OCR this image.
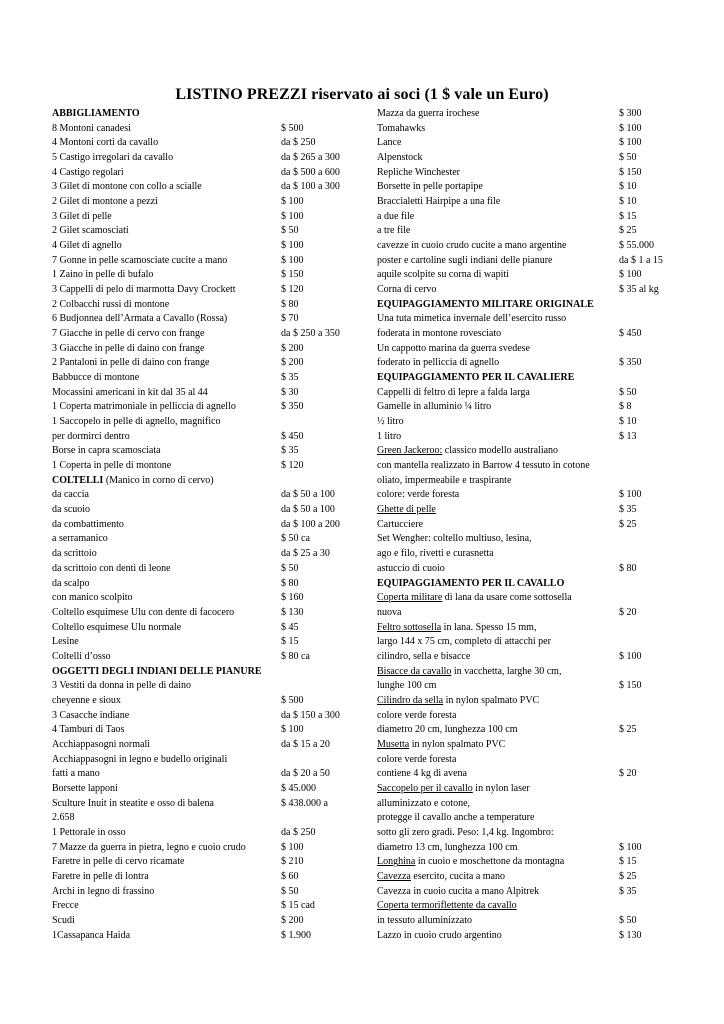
LISTINO PREZZI riservato ai soci (1 $ vale un Euro)
ABBIGLIAMENTO
8 Montoni canadesi	$ 500
4 Montoni corti da cavallo	da $ 250
5 Castigo irregolari da cavallo	da $ 265 a 300
4 Castigo regolari	da $ 500 a 600
3 Gilet di montone con collo a scialle	da $ 100 a 300
2 Gilet di montone a pezzi	$ 100
3 Gilet di pelle	$ 100
2 Gilet scamosciati	$ 50
4 Gilet di agnello	$ 100
7 Gonne in pelle scamosciate cucite a mano	$ 100
1 Zaino in pelle di bufalo	$ 150
3 Cappelli di pelo di marmotta Davy Crockett	$ 120
2 Colbacchi russi di montone	$ 80
6 Budjonnea dell’Armata a Cavallo (Rossa)	$ 70
7 Giacche in pelle di cervo con frange	da $ 250 a 350
3 Giacche in pelle di daino con frange	$ 200
2 Pantaloni in pelle di daino con frange	$ 200
Babbucce di montone	$ 35
Mocassini americani in kit dal 35 al 44	$ 30
1 Coperta matrimoniale in pelliccia di agnello	$ 350
1 Saccopelo in pelle di agnello, magnifico
per dormirci dentro	$ 450
Borse in capra scamosciata	$ 35
1 Coperta in pelle di montone	$ 120
COLTELLI (Manico in corno di cervo)
da caccia	da $ 50 a 100
da scuoio	da $ 50 a 100
da combattimento	da $ 100 a 200
a serramanico	$ 50 ca
da scrittoio	da $ 25 a 30
da scrittoio con denti di leone	$ 50
da scalpo	$ 80
con manico scolpito	$ 160
Coltello esquimese Ulu con dente di facocero	$ 130
Coltello esquimese Ulu normale	$ 45
Lesine	$ 15
Coltelli d’osso	$ 80 ca
OGGETTI DEGLI INDIANI DELLE PIANURE
3 Vestiti da donna in pelle di daino
cheyenne e sioux	$ 500
3 Casacche indiane	da $ 150 a 300
4 Tamburi di Taos	$ 100
Acchiappasogni normali	da $ 15 a 20
Acchiappasogni in legno e budello originali
fatti a mano	da $ 20 a 50
Borsette lapponi	$ 45.000
Sculture Inuit in steatite e osso di balena	$ 438.000 a
2.658
1 Pettorale in osso	da $ 250
7 Mazze da guerra in pietra, legno e cuoio crudo	$ 100
Faretre in pelle di cervo ricamate	$ 210
Faretre in pelle di lontra	$ 60
Archi in legno di frassino	$ 50
Frecce	$ 15 cad
Scudi	$ 200
1Cassapanca Haida	$ 1.900
Mazza da guerra irochese	$ 300
Tomahawks	$ 100
Lance	$ 100
Alpenstock	$ 50
Repliche Winchester	$ 150
Borsette in pelle portapipe	$ 10
Braccialetti Hairpipe a una file	$ 10
a due file	$ 15
a tre file	$ 25
cavezze in cuoio crudo cucite a mano argentine	$ 55.000
poster e cartoline sugli indiani delle pianure	da $ 1 a 15
aquile scolpite su corna di wapiti	$ 100
Corna di cervo	$ 35 al kg
EQUIPAGGIAMENTO MILITARE ORIGINALE
Una tuta mimetica invernale dell’esercito russo
foderata in montone rovesciato	$ 450
Un cappotto marina da guerra svedese
foderato in pelliccia di agnello	$ 350
EQUIPAGGIAMENTO PER IL CAVALIERE
Cappelli di feltro di lepre a falda larga	$ 50
Gamelle in alluminio ¼ litro	$ 8
½ litro	$ 10
1 litro	$ 13
Green Jackeroo: classico modello australiano
con mantella realizzato in Barrow 4 tessuto in cotone
oliato, impermeabile e traspirante
colore: verde foresta	$ 100
Ghette di pelle	$ 35
Cartucciere	$ 25
Set Wengher: coltello multiuso, lesina,
ago e filo, rivetti e curasnetta
astuccio di cuoio	$ 80
EQUIPAGGIAMENTO PER IL CAVALLO
Coperta militare di lana da usare come sottosella
nuova	$ 20
Feltro sottosella in lana. Spesso 15 mm,
largo 144 x 75 cm, completo di attacchi per
cilindro, sella e bisacce	$ 100
Bisacce da cavallo in vacchetta, larghe 30 cm,
lunghe 100 cm	$ 150
Cilindro da sella in nylon spalmato PVC
colore verde foresta
diametro 20 cm, lunghezza 100 cm	$ 25
Musetta in nylon spalmato PVC
colore verde foresta
contiene 4 kg di avena	$ 20
Saccopelo per il cavallo in nylon laser
alluminizzato e cotone,
protegge il cavallo anche a temperature
sotto gli zero gradi. Peso: 1,4 kg. Ingombro:
diametro 13 cm, lunghezza 100 cm	$ 100
Longhina in cuoio e moschettone da montagna	$ 15
Cavezza esercito, cucita a mano	$ 25
Cavezza in cuoio cucita a mano Alpitrek	$ 35
Coperta termoriflettente da cavallo
in tessuto alluminizzato	$ 50
Lazzo in cuoio crudo argentino	$ 130
